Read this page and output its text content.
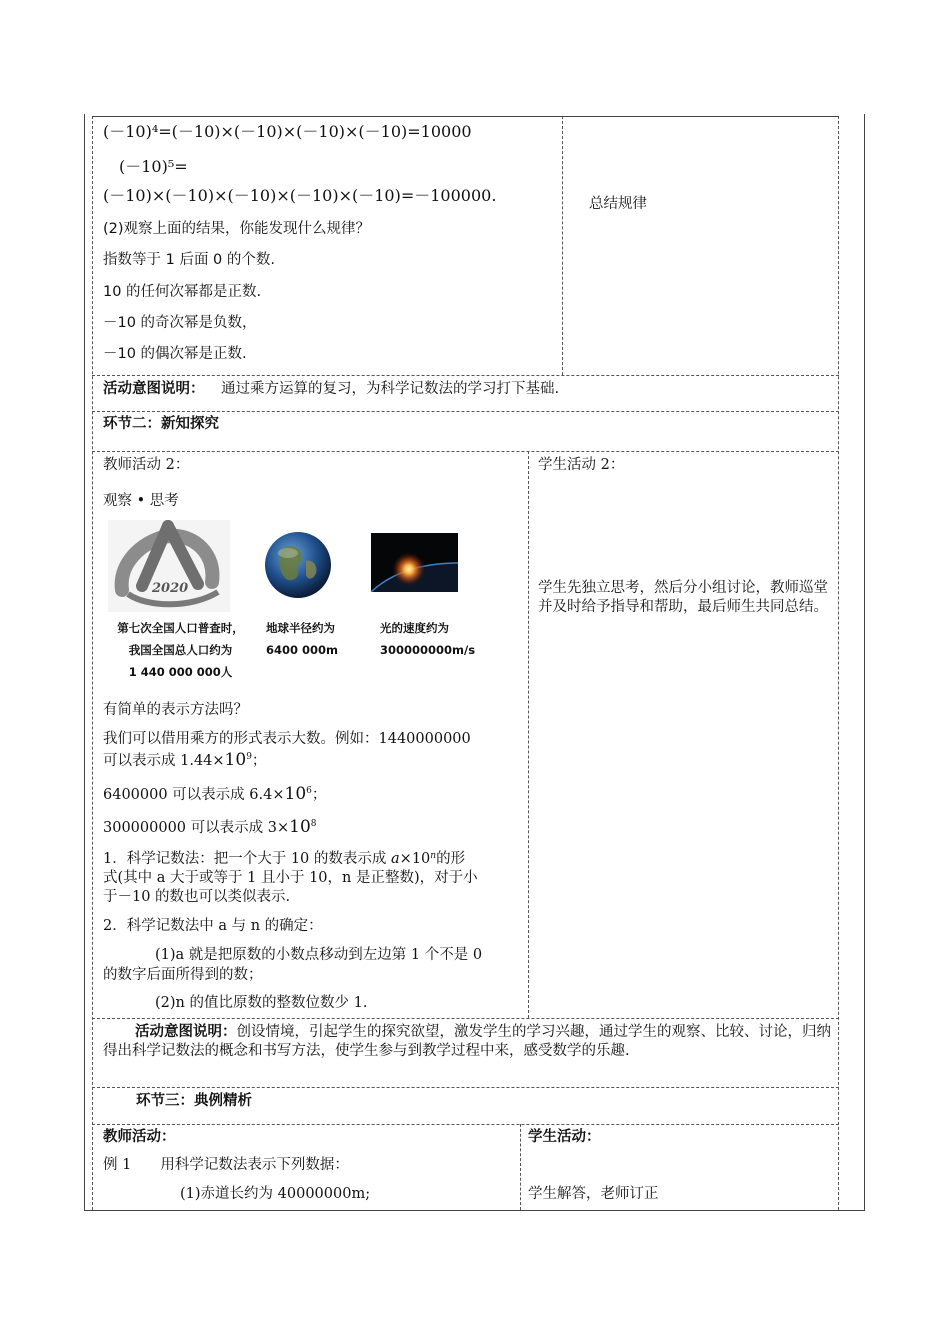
(－10)⁴=(－10)×(－10)×(－10)×(－10)=10000
(－10)⁵=
(－10)×(－10)×(－10)×(－10)×(－10)=－100000.
(2)观察上面的结果，你能发现什么规律？
指数等于 1 后面 0 的个数.
10 的任何次幂都是正数.
－10 的奇次幂是负数，
－10 的偶次幂是正数.
总结规律
活动意图说明： 通过乘方运算的复习，为科学记数法的学习打下基础.
环节二：新知探究
教师活动 2：
观察 • 思考
2020
第七次全国人口普查时，
我国全国总人口约为
1 440 000 000人
地球半径约为
6400 000m
光的速度约为
300000000m/s
有简单的表示方法吗？
我们可以借用乘方的形式表示大数。例如：1440000000
可以表示成 $1.44\times 10^9$；
6400000 可以表示成 $6.4\times 10^6$；
300000000 可以表示成 $3\times 10^8$
1．科学记数法：把一个大于 10 的数表示成 $a\times 10^n$的形
式(其中 a 大于或等于 1 且小于 10，n 是正整数)，对于小
于－10 的数也可以类似表示.
2．科学记数法中 a 与 n 的确定：
(1)a 就是把原数的小数点移动到左边第 1 个不是 0
的数字后面所得到的数；
(2)n 的值比原数的整数位数少 1.
学生活动 2：
学生先独立思考，然后分小组讨论，教师巡堂并及时给予指导和帮助，最后师生共同总结。
活动意图说明：创设情境，引起学生的探究欲望，激发学生的学习兴趣，通过学生的观察、比较、讨论，归纳得出科学记数法的概念和书写方法，使学生参与到教学过程中来，感受数学的乐趣.
环节三：典例精析
教师活动：
例 1　　用科学记数法表示下列数据：
(1)赤道长约为 40000000m;
学生活动：
学生解答，老师订正
